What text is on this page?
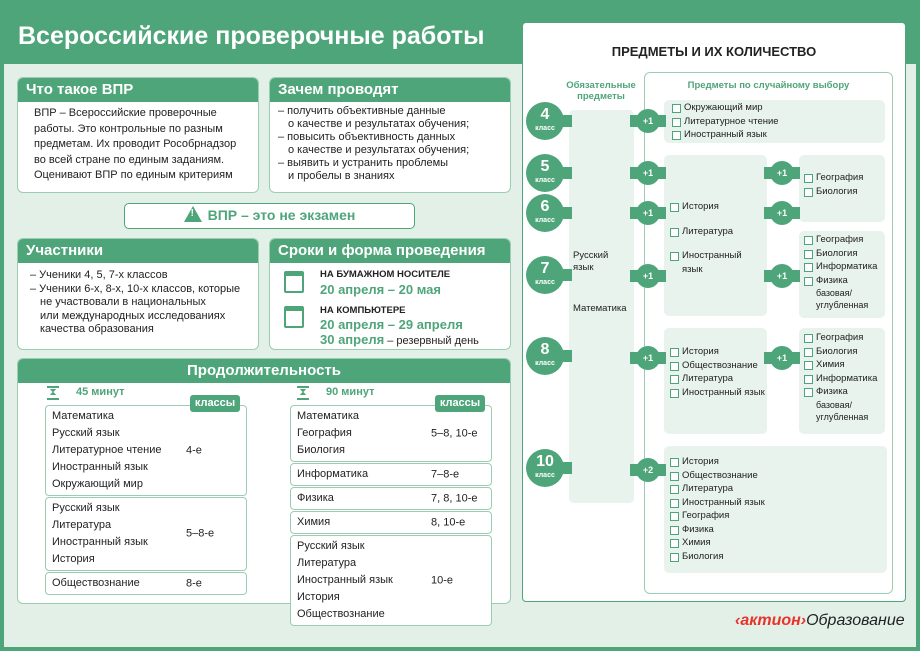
Всероссийские проверочные работы
Что такое ВПР
ВПР – Всероссийские проверочные
работы. Это контрольные по разным
предметам. Их проводит Рособрнадзор
во всей стране по единым заданиям.
Оценивают ВПР по единым критериям
Зачем проводят
– получить объективные данные
о качестве и результатах обучения;
– повысить объективность данных
о качестве и результатах обучения;
– выявить и устранить проблемы
и пробелы в знаниях
!ВПР – это не экзамен
Участники
– Ученики 4, 5, 7-х классов
– Ученики 6-х, 8-х, 10-х классов, которые
не участвовали в национальных
или международных исследованиях
качества образования
Сроки и форма проведения
НА БУМАЖНОМ НОСИТЕЛЕ
20 апреля – 20 мая
НА КОМПЬЮТЕРЕ
20 апреля – 29 апреля
30 апреля – резервный день
Продолжительность
⧗ 45 минут
Математика
Русский язык
Литературное чтение
Иностранный язык
Окружающий мир
4-е
Русский язык
Литература
Иностранный язык
История
5–8-е
Обществознание	8-е
классы
⧗ 90 минут
Математика
География
Биология
5–8, 10-е
Информатика	7–8-е
Физика	7, 8, 10-е
Химия	8, 10-е
Русский язык
Литература
Иностранный язык
История
Обществознание
10-е
классы
ПРЕДМЕТЫ И ИХ КОЛИЧЕСТВО
Обязательные предметы
Русский язык
Математика
Предметы по случайному выбору
Окружающий мир
Литературное чтение
Иностранный язык
История
Литература
Иностранный язык
География
Биология
География
Биология
Информатика
Физика
базовая/ углубленная
История
Обществознание
Литература
Иностранный язык
География
Биология
Химия
Информатика
Физика
базовая/ углубленная
История
Обществознание
Литература
Иностранный язык
География
Физика
Химия
Биология
4
класс
5
класс
6
класс
7
класс
8
класс
10
класс
+1
+1
+1
+1
+1
+2
+1
+1
+1
+1
‹актион›Образование
